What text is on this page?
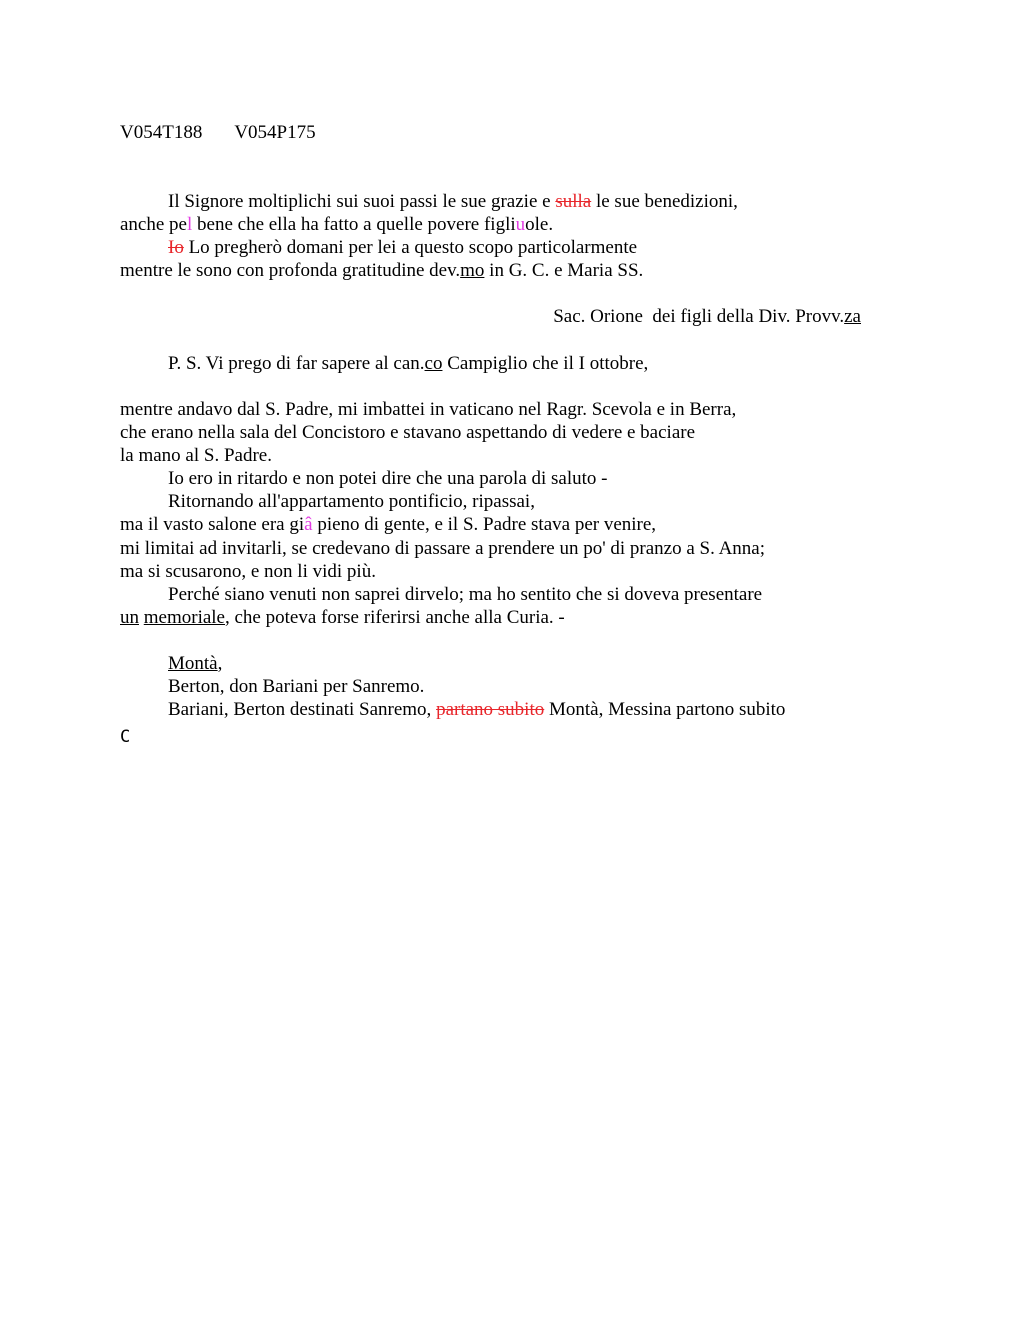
V054T188 V054P175
Il Signore moltiplichi sui suoi passi le sue grazie e sulla le sue benedizioni,
anche pel bene che ella ha fatto a quelle povere figliuole.
Io Lo pregherò domani per lei a questo scopo particolarmente
mentre le sono con profonda gratitudine dev.mo in G. C. e Maria SS.
Sac. Orione  dei figli della Div. Provv.za
P. S. Vi prego di far sapere al can.co Campiglio che il I ottobre,
mentre andavo dal S. Padre, mi imbattei in vaticano nel Ragr. Scevola e in Berra,
che erano nella sala del Concistoro e stavano aspettando di vedere e baciare
la mano al S. Padre.
Io ero in ritardo e non potei dire che una parola di saluto -
Ritornando all'appartamento pontificio, ripassai,
ma il vasto salone era giâ pieno di gente, e il S. Padre stava per venire,
mi limitai ad invitarli, se credevano di passare a prendere un po' di pranzo a S. Anna;
ma si scusarono, e non li vidi più.
Perché siano venuti non saprei dirvelo; ma ho sentito che si doveva presentare
un memoriale, che poteva forse riferirsi anche alla Curia. -
Montà,
Berton, don Bariani per Sanremo.
Bariani, Berton destinati Sanremo, partano subito Montà, Messina partono subito
C
